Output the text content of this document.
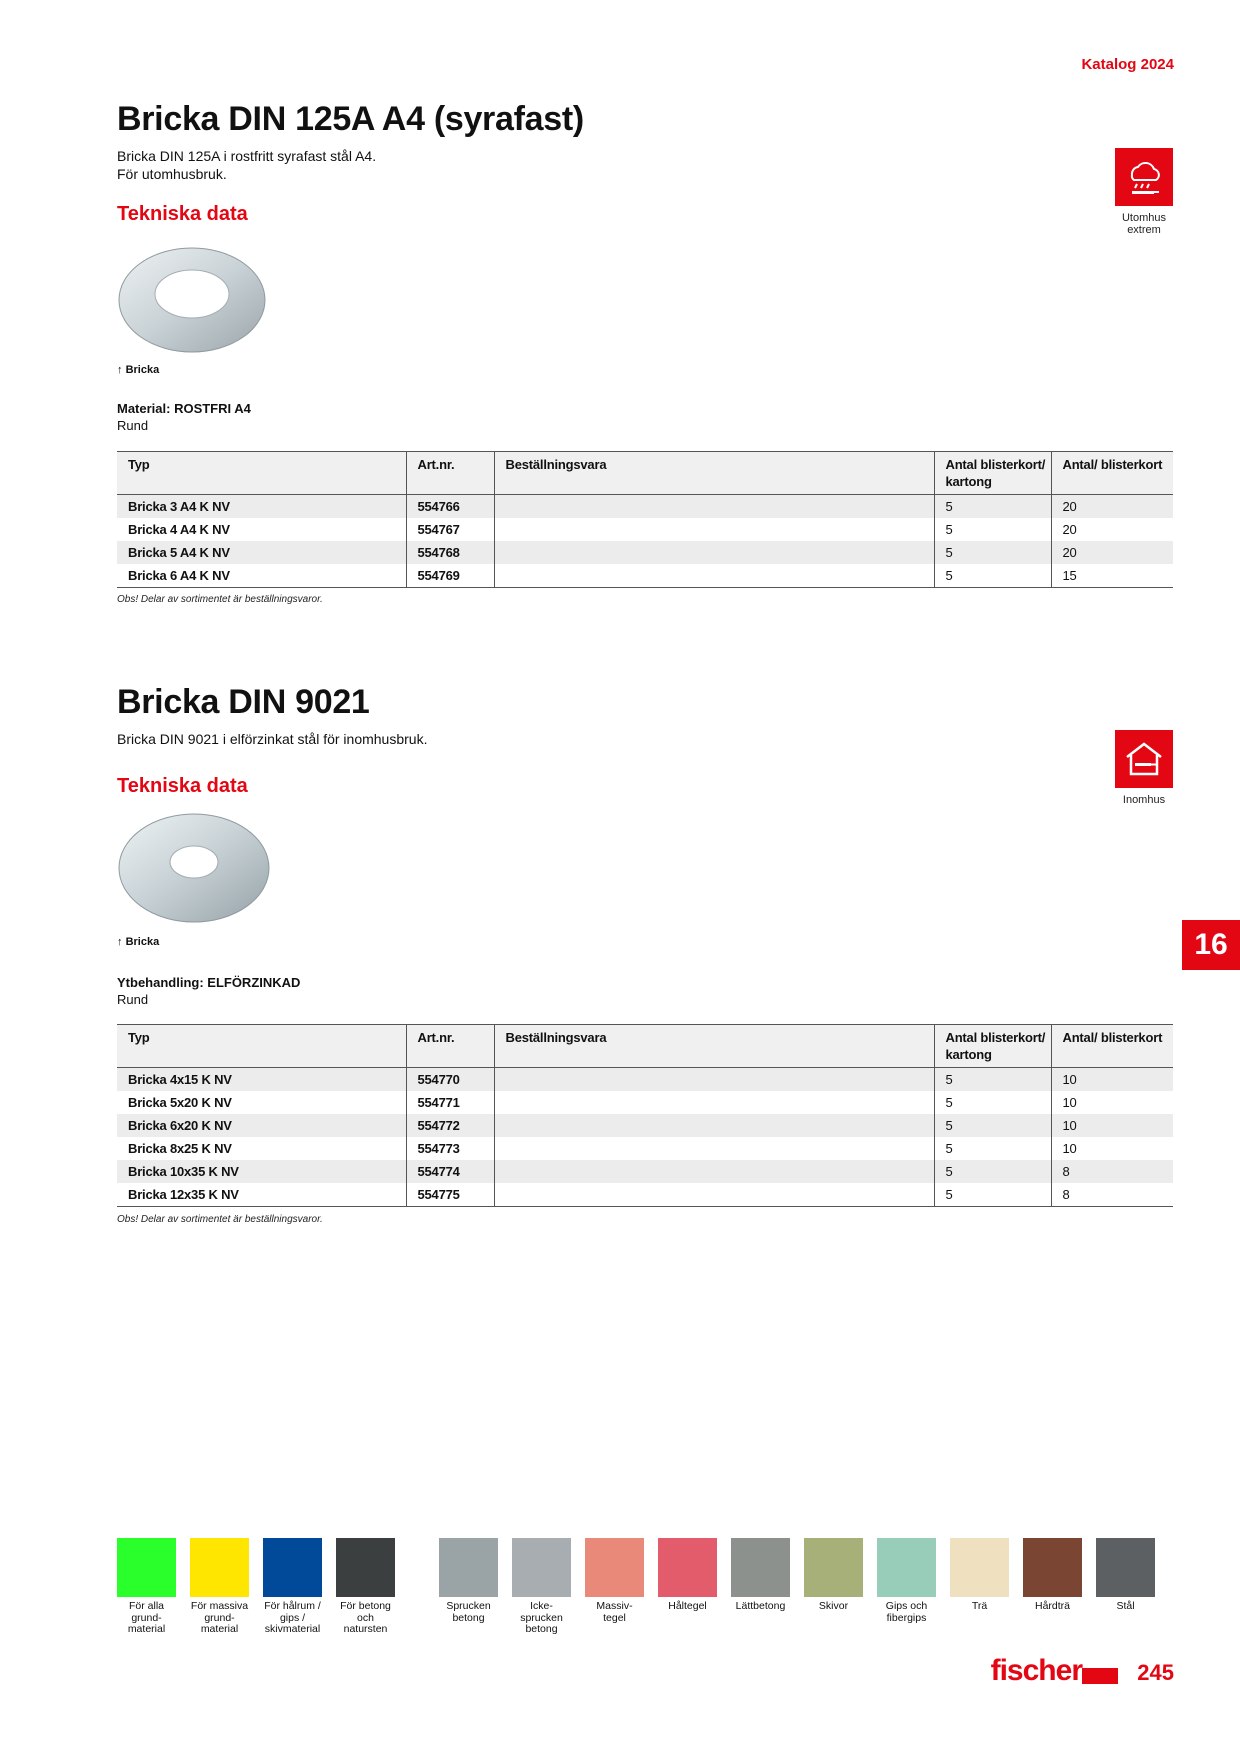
Katalog 2024
Bricka DIN 125A A4 (syrafast)
Bricka DIN 125A i rostfritt syrafast stål A4.
För utomhusbruk.
Tekniska data	Utomhus
extrem
↑ Bricka
Material: ROSTFRI A4
Rund
Typ	Art.nr.	Beställningsvara	Antal blisterkort/ kartong	Antal/ blisterkort
Bricka 3 A4 K NV	554766		5	20
Bricka 4 A4 K NV	554767		5	20
Bricka 5 A4 K NV	554768		5	20
Bricka 6 A4 K NV	554769		5	15
Obs! Delar av sortimentet är beställningsvaror.
Bricka DIN 9021
Bricka DIN 9021 i elförzinkat stål för inomhusbruk.
Tekniska data
Inomhus
↑ Bricka
Ytbehandling: ELFÖRZINKAD
Rund
16
Typ	Art.nr.	Beställningsvara	Antal blisterkort/ kartong	Antal/ blisterkort
Bricka 4x15 K NV	554770		5	10
Bricka 5x20 K NV	554771		5	10
Bricka 6x20 K NV	554772		5	10
Bricka 8x25 K NV	554773		5	10
Bricka 10x35 K NV	554774		5	8
Bricka 12x35 K NV	554775		5	8
Obs! Delar av sortimentet är beställningsvaror.
För alla grund- material
För massiva grund- material
För hålrum / gips / skivmaterial
För betong och natursten
Sprucken betong
Icke- sprucken betong
Massiv- tegel
Håltegel	Lättbetong	Skivor	Gips och fibergips
Trä	Hårdträ	Stål
fischer	245
